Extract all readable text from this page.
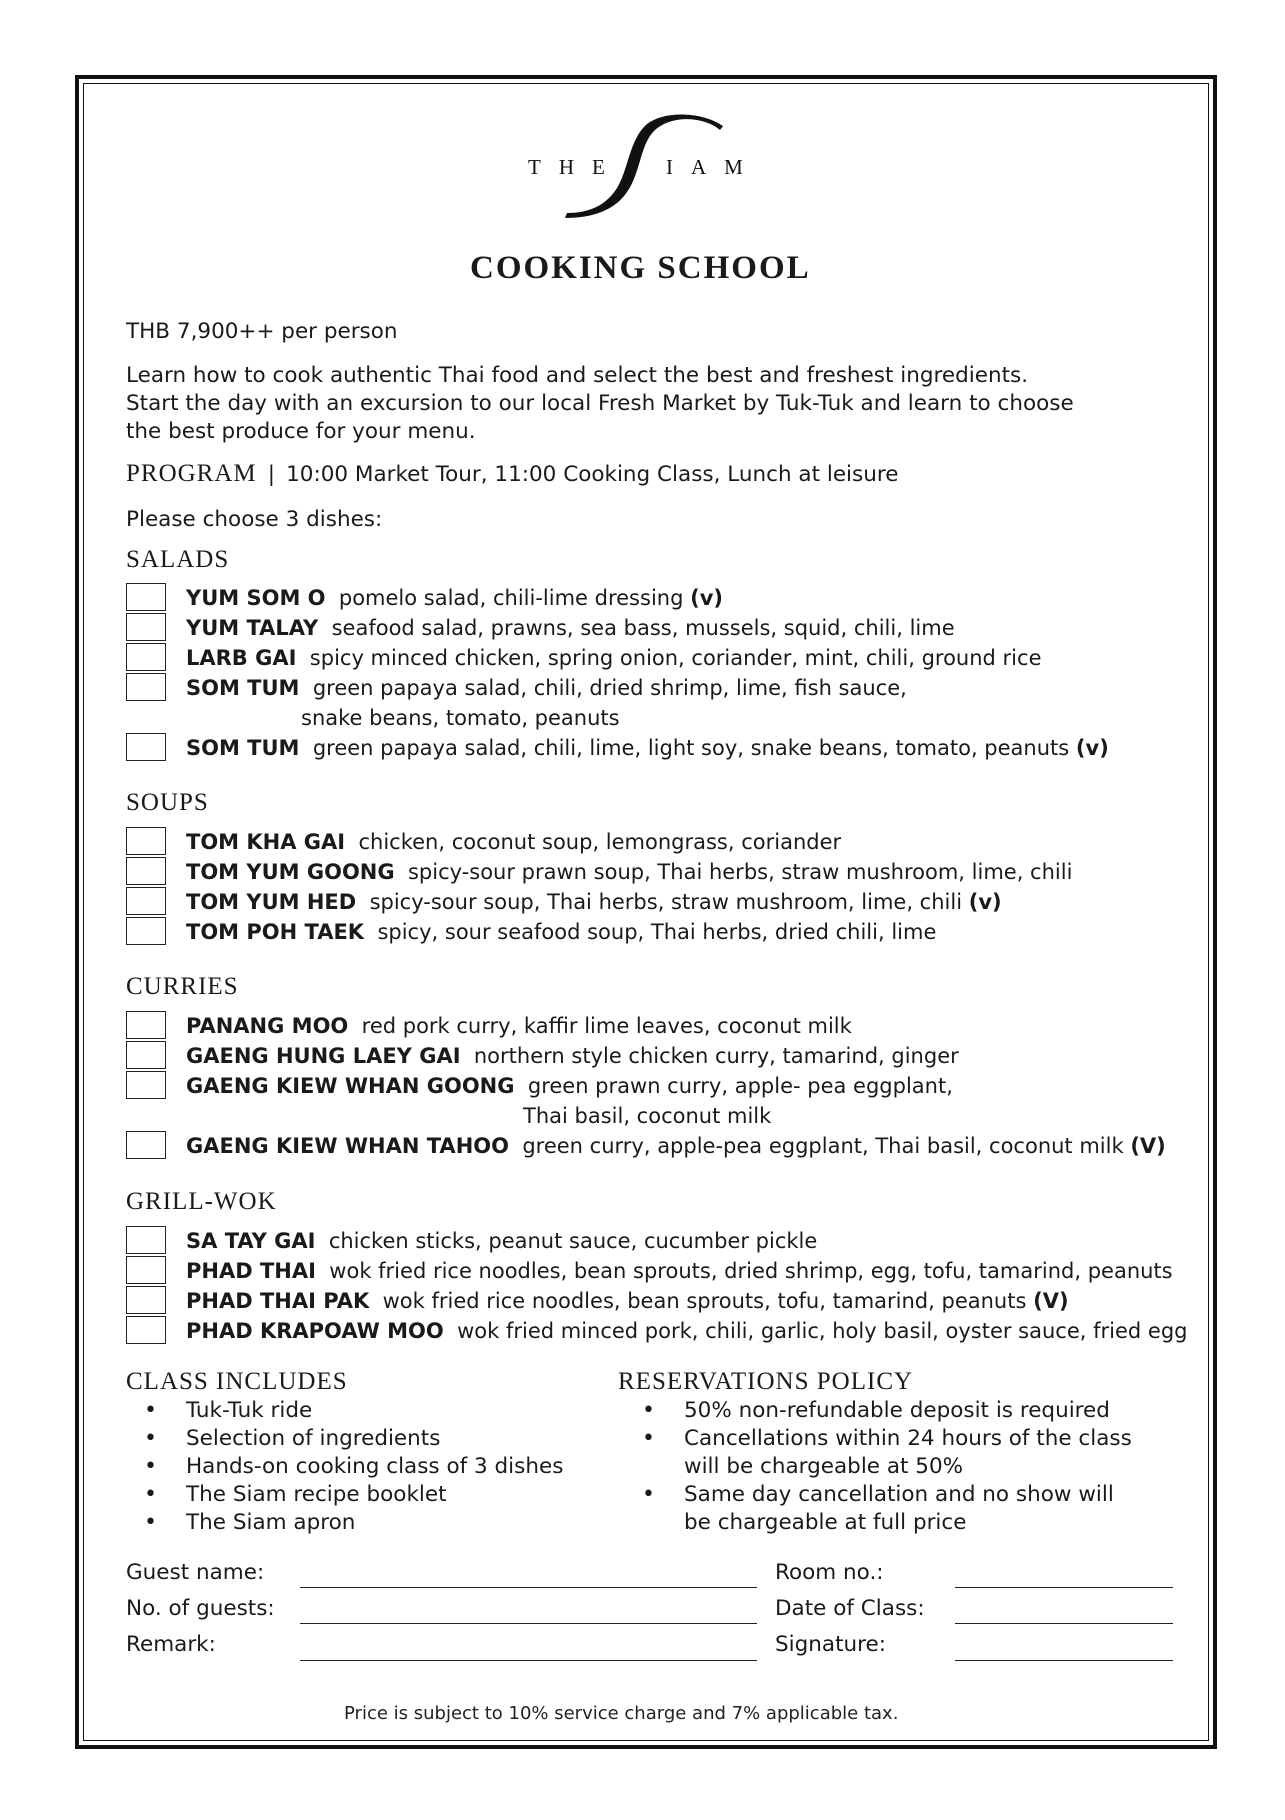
THE IAM
COOKING SCHOOL
THB 7,900++ per person
Learn how to cook authentic Thai food and select the best and freshest ingredients.
Start the day with an excursion to our local Fresh Market by Tuk-Tuk and learn to choose
the best produce for your menu.
PROGRAM | 10:00 Market Tour, 11:00 Cooking Class, Lunch at leisure
Please choose 3 dishes:
SALADS
YUM SOM O pomelo salad, chili-lime dressing (v)
YUM TALAY seafood salad, prawns, sea bass, mussels, squid, chili, lime
LARB GAI spicy minced chicken, spring onion, coriander, mint, chili, ground rice
SOM TUM green papaya salad, chili, dried shrimp, lime, fish sauce,
snake beans, tomato, peanuts
SOM TUM green papaya salad, chili, lime, light soy, snake beans, tomato, peanuts (v)
SOUPS
TOM KHA GAI chicken, coconut soup, lemongrass, coriander
TOM YUM GOONG spicy-sour prawn soup, Thai herbs, straw mushroom, lime, chili
TOM YUM HED spicy-sour soup, Thai herbs, straw mushroom, lime, chili (v)
TOM POH TAEK spicy, sour seafood soup, Thai herbs, dried chili, lime
CURRIES
PANANG MOO red pork curry, kaffir lime leaves, coconut milk
GAENG HUNG LAEY GAI northern style chicken curry, tamarind, ginger
GAENG KIEW WHAN GOONG green prawn curry, apple- pea eggplant,
Thai basil, coconut milk
GAENG KIEW WHAN TAHOO green curry, apple-pea eggplant, Thai basil, coconut milk (V)
GRILL-WOK
SA TAY GAI chicken sticks, peanut sauce, cucumber pickle
PHAD THAI wok fried rice noodles, bean sprouts, dried shrimp, egg, tofu, tamarind, peanuts
PHAD THAI PAK wok fried rice noodles, bean sprouts, tofu, tamarind, peanuts (V)
PHAD KRAPOAW MOO wok fried minced pork, chili, garlic, holy basil, oyster sauce, fried egg
CLASS INCLUDES
• Tuk-Tuk ride
• Selection of ingredients
• Hands-on cooking class of 3 dishes
• The Siam recipe booklet
• The Siam apron
RESERVATIONS POLICY
• 50% non-refundable deposit is required
• Cancellations within 24 hours of the class
will be chargeable at 50%
• Same day cancellation and no show will
be chargeable at full price
Guest name:	Room no.:
No. of guests:	Date of Class:
Remark:	Signature:
Price is subject to 10% service charge and 7% applicable tax.
